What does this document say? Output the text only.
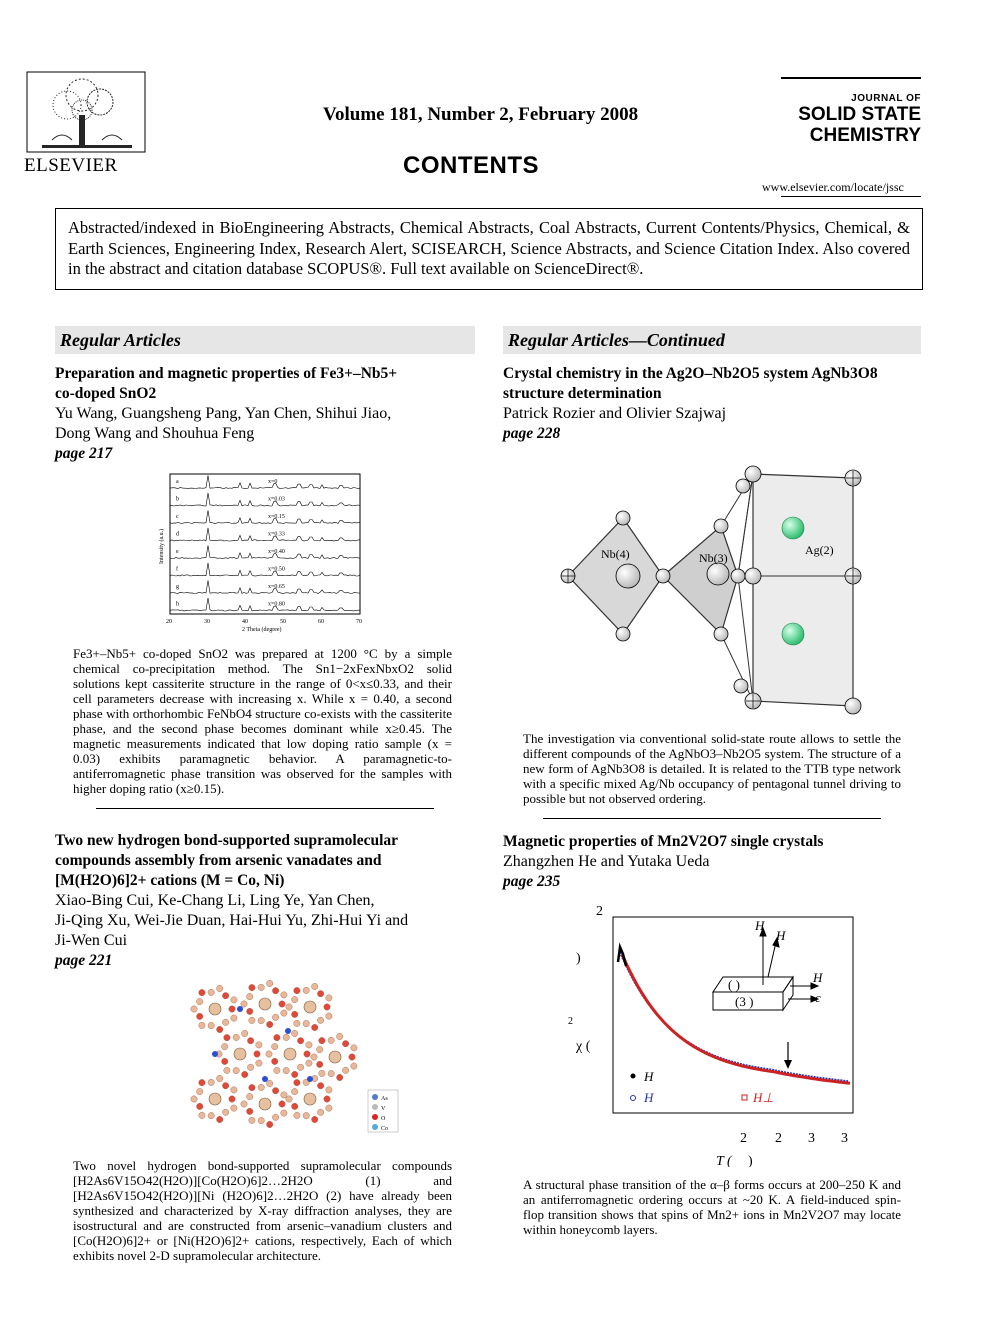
ELSEVIER
Volume 181, Number 2, February 2008
CONTENTS
JOURNAL OF
SOLID STATE
CHEMISTRY
www.elsevier.com/locate/jssc
Abstracted/indexed in BioEngineering Abstracts, Chemical Abstracts, Coal Abstracts, Current Contents/Physics, Chemical, & Earth Sciences, Engineering Index, Research Alert, SCISEARCH, Science Abstracts, and Science Citation Index. Also covered in the abstract and citation database SCOPUS®. Full text available on ScienceDirect®.
Regular Articles
Preparation and magnetic properties of Fe3+–Nb5+
co-doped SnO2
Yu Wang, Guangsheng Pang, Yan Chen, Shihui Jiao,
Dong Wang and Shouhua Feng
page 217
a	x=0
b	x=0.03
c	x=0.15
d	x=0.33
e	x=0.40
f	x=0.50
g	x=0.65
h	x=0.80
20	30	40	50	60	70
2 Theta (degree)
Intensity (a.u.)
Fe3+–Nb5+ co-doped SnO2 was prepared at 1200 °C by a simple chemical co-precipitation method. The Sn1−2xFexNbxO2 solid solutions kept cassiterite structure in the range of 0<x≤0.33, and their cell parameters decrease with increasing x. While x = 0.40, a second phase with orthorhombic FeNbO4 structure co-exists with the cassiterite phase, and the second phase becomes dominant while x≥0.45. The magnetic measurements indicated that low doping ratio sample (x = 0.03) exhibits paramagnetic behavior. A paramagnetic-to-antiferromagnetic phase transition was observed for the samples with higher doping ratio (x≥0.15).
Two new hydrogen bond-supported supramolecular
compounds assembly from arsenic vanadates and
[M(H2O)6]2+ cations (M = Co, Ni)
Xiao-Bing Cui, Ke-Chang Li, Ling Ye, Yan Chen,
Ji-Qing Xu, Wei-Jie Duan, Hai-Hui Yu, Zhi-Hui Yi and
Ji-Wen Cui
page 221
As
V
O
Co
Two novel hydrogen bond-supported supramolecular compounds [H2As6V15O42(H2O)][Co(H2O)6]2…2H2O (1) and [H2As6V15O42(H2O)][Ni (H2O)6]2…2H2O (2) have already been synthesized and characterized by X-ray diffraction analyses, they are isostructural and are constructed from arsenic–vanadium clusters and [Co(H2O)6]2+ or [Ni(H2O)6]2+ cations, respectively, Each of which exhibits novel 2-D supramolecular architecture.
Regular Articles—Continued
Crystal chemistry in the Ag2O–Nb2O5 system AgNb3O8
structure determination
Patrick Rozier and Olivier Szajwaj
page 228
Nb(4)	Nb(3)
Ag(2)
The investigation via conventional solid-state route allows to settle the different compounds of the AgNbO3–Nb2O5 system. The structure of a new form of AgNb3O8 is detailed. It is related to the TTB type network with a specific mixed Ag/Nb occupancy of pentagonal tunnel driving to possible but not observed ordering.
Magnetic properties of Mn2V2O7 single crystals
Zhangzhen He and Yutaka Ueda
page 235
2
χ (
2
)
2 2 3 3
T ( )
H
H
H
c
( )
(3 )
H
H	H⊥
A structural phase transition of the α–β forms occurs at 200–250 K and an antiferromagnetic ordering occurs at ~20 K. A field-induced spin-flop transition shows that spins of Mn2+ ions in Mn2V2O7 may locate within honeycomb layers.
